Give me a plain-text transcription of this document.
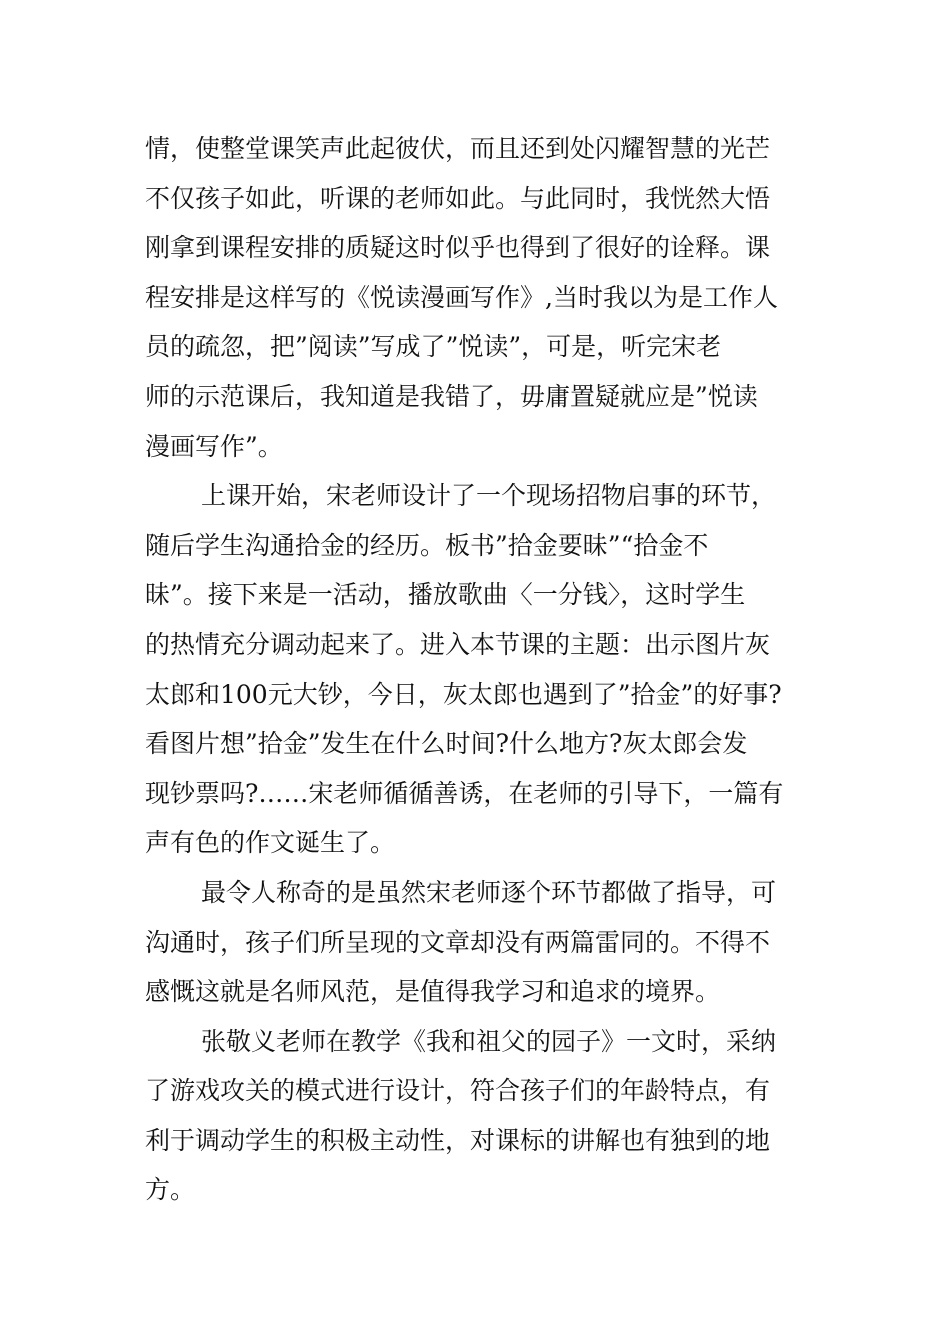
情，使整堂课笑声此起彼伏，而且还到处闪耀智慧的光芒
不仅孩子如此，听课的老师如此。与此同时，我恍然大悟
刚拿到课程安排的质疑这时似乎也得到了很好的诠释。课
程安排是这样写的《悦读漫画写作》,当时我以为是工作人
员的疏忽，把”阅读”写成了”悦读”，可是，听完宋老
师的示范课后，我知道是我错了，毋庸置疑就应是”悦读
漫画写作”。
上课开始，宋老师设计了一个现场招物启事的环节，
随后学生沟通拾金的经历。板书”拾金要昧”“拾金不
昧”。接下来是一活动，播放歌曲〈一分钱〉，这时学生
的热情充分调动起来了。进入本节课的主题：出示图片灰
太郎和100元大钞，今日，灰太郎也遇到了”拾金”的好事?
看图片想”拾金”发生在什么时间?什么地方?灰太郎会发
现钞票吗?……宋老师循循善诱，在老师的引导下，一篇有
声有色的作文诞生了。
最令人称奇的是虽然宋老师逐个环节都做了指导，可
沟通时，孩子们所呈现的文章却没有两篇雷同的。不得不
感慨这就是名师风范，是值得我学习和追求的境界。
张敬义老师在教学《我和祖父的园子》一文时，采纳
了游戏攻关的模式进行设计，符合孩子们的年龄特点，有
利于调动学生的积极主动性，对课标的讲解也有独到的地
方。
